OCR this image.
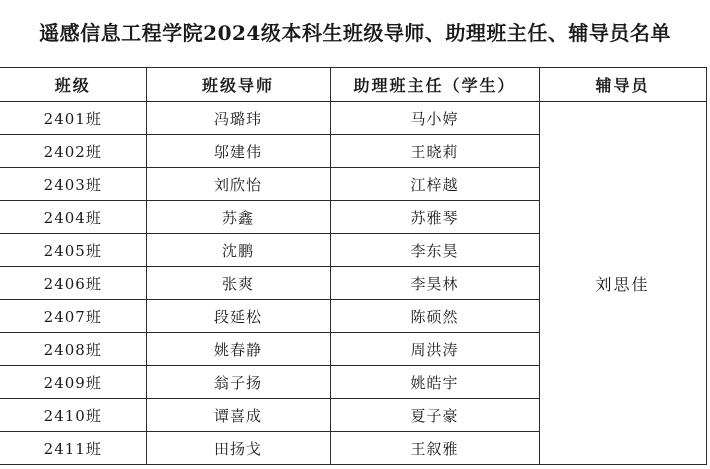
遥感信息工程学院2024级本科生班级导师、助理班主任、辅导员名单
班级	班级导师	助理班主任（学生）	辅导员
2401班	冯璐玮	马小婷	刘思佳
2402班	邬建伟	王晓莉	
2403班	刘欣怡	江梓越	
2404班	苏鑫	苏雅琴	
2405班	沈鹏	李东昊	
2406班	张爽	李昊林	
2407班	段延松	陈硕然	
2408班	姚春静	周洪涛	
2409班	翁子扬	姚皓宇	
2410班	谭喜成	夏子豪	
2411班	田扬戈	王叙雅	
